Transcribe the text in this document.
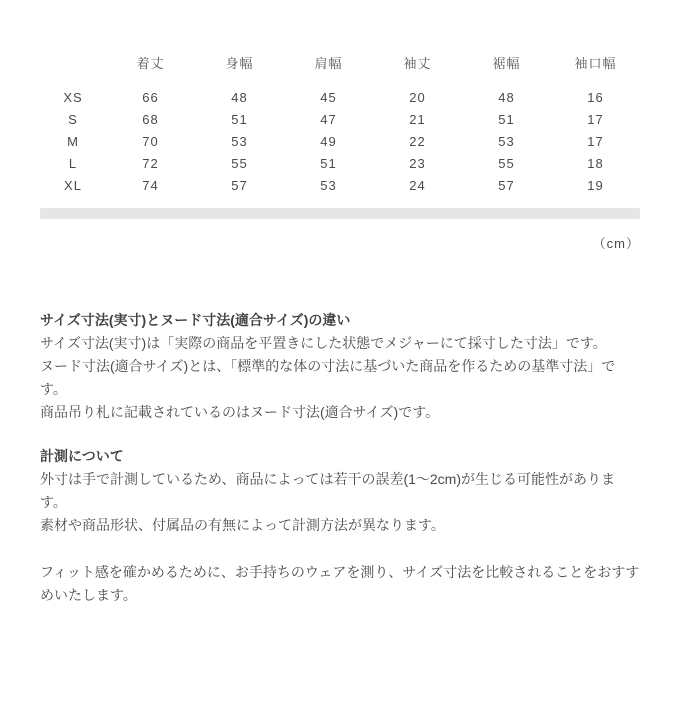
	着丈	身幅	肩幅	袖丈	裾幅	袖口幅
XS	66	48	45	20	48	16
S	68	51	47	21	51	17
M	70	53	49	22	53	17
L	72	55	51	23	55	18
XL	74	57	53	24	57	19
（cm）
サイズ寸法(実寸)とヌード寸法(適合サイズ)の違い

サイズ寸法(実寸)は「実際の商品を平置きにした状態でメジャーにて採寸した寸法」です。

ヌード寸法(適合サイズ)とは、「標準的な体の寸法に基づいた商品を作るための基準寸法」です。

商品吊り札に記載されているのはヌード寸法(適合サイズ)です。

計測について

外寸は手で計測しているため、商品によっては若干の誤差(1〜2cm)が生じる可能性があります。

素材や商品形状、付属品の有無によって計測方法が異なります。

フィット感を確かめるために、お手持ちのウェアを測り、サイズ寸法を比較されることをおすすめいたします。
